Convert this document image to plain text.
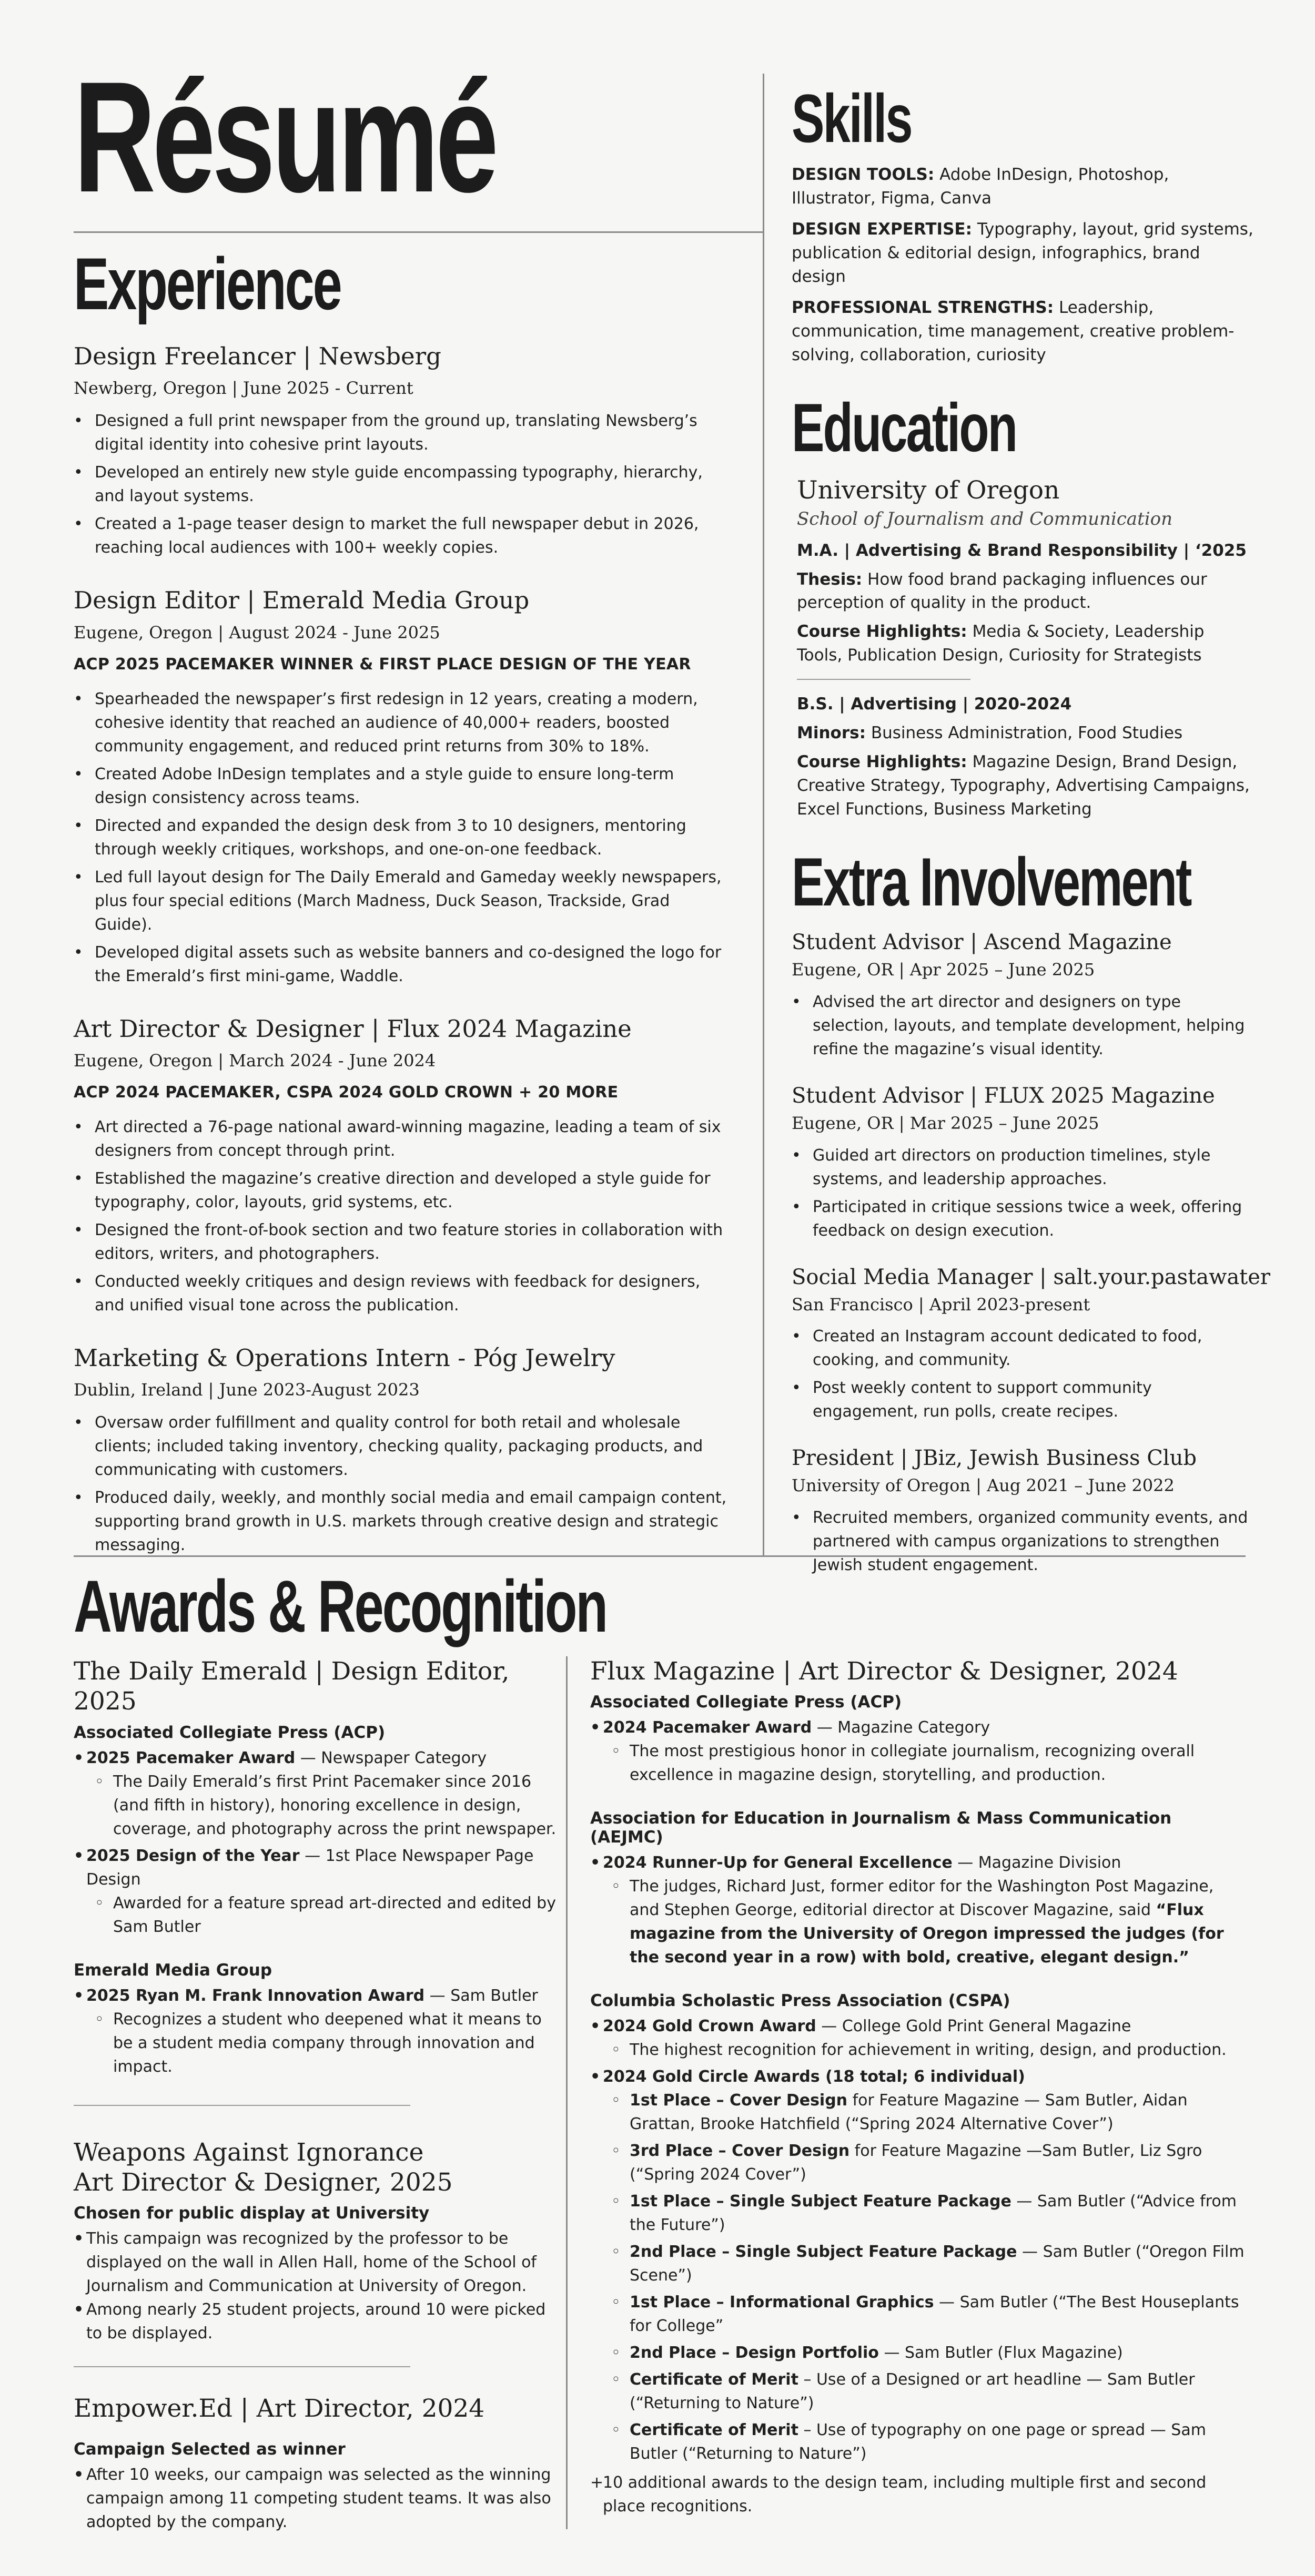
Résumé
Experience
Design Freelancer | Newsberg
Newberg, Oregon | June 2025 - Current
• Designed a full print newspaper from the ground up, translating Newsberg’s digital identity into cohesive print layouts.
• Developed an entirely new style guide encompassing typography, hierarchy, and layout systems.
• Created a 1-page teaser design to market the full newspaper debut in 2026, reaching local audiences with 100+ weekly copies.
Design Editor | Emerald Media Group
Eugene, Oregon | August 2024 - June 2025
ACP 2025 PACEMAKER WINNER & FIRST PLACE DESIGN OF THE YEAR
• Spearheaded the newspaper’s first redesign in 12 years, creating a modern, cohesive identity that reached an audience of 40,000+ readers, boosted community engagement, and reduced print returns from 30% to 18%.
• Created Adobe InDesign templates and a style guide to ensure long-term design consistency across teams.
• Directed and expanded the design desk from 3 to 10 designers, mentoring through weekly critiques, workshops, and one-on-one feedback.
• Led full layout design for The Daily Emerald and Gameday weekly newspapers, plus four special editions (March Madness, Duck Season, Trackside, Grad Guide).
• Developed digital assets such as website banners and co-designed the logo for the Emerald’s first mini-game, Waddle.
Art Director & Designer | Flux 2024 Magazine
Eugene, Oregon | March 2024 - June 2024
ACP 2024 PACEMAKER, CSPA 2024 GOLD CROWN + 20 MORE
• Art directed a 76-page national award-winning magazine, leading a team of six designers from concept through print.
• Established the magazine’s creative direction and developed a style guide for typography, color, layouts, grid systems, etc.
• Designed the front-of-book section and two feature stories in collaboration with editors, writers, and photographers.
• Conducted weekly critiques and design reviews with feedback for designers, and unified visual tone across the publication.
Marketing & Operations Intern - Póg Jewelry
Dublin, Ireland | June 2023-August 2023
• Oversaw order fulfillment and quality control for both retail and wholesale clients; included taking inventory, checking quality, packaging products, and communicating with customers.
• Produced daily, weekly, and monthly social media and email campaign content, supporting brand growth in U.S. markets through creative design and strategic messaging.
Skills

DESIGN TOOLS: Adobe InDesign, Photoshop, Illustrator, Figma, Canva

DESIGN EXPERTISE: Typography, layout, grid systems, publication & editorial design, infographics, brand design

PROFESSIONAL STRENGTHS: Leadership, communication, time management, creative problem-solving, collaboration, curiosity

Education
University of Oregon
School of Journalism and Communication

M.A. | Advertising & Brand Responsibility | ‘2025

Thesis: How food brand packaging influences our perception of quality in the product.

Course Highlights: Media & Society, Leadership Tools, Publication Design, Curiosity for Strategists

B.S. | Advertising | 2020-2024

Minors: Business Administration, Food Studies

Course Highlights: Magazine Design, Brand Design, Creative Strategy, Typography, Advertising Campaigns, Excel Functions, Business Marketing

Extra Involvement
Student Advisor | Ascend Magazine
Eugene, OR | Apr 2025 – June 2025
• Advised the art director and designers on type selection, layouts, and template development, helping refine the magazine’s visual identity.
Student Advisor | FLUX 2025 Magazine
Eugene, OR | Mar 2025 – June 2025
• Guided art directors on production timelines, style systems, and leadership approaches.
• Participated in critique sessions twice a week, offering feedback on design execution.
Social Media Manager | salt.your.pastawater
San Francisco | April 2023-present
• Created an Instagram account dedicated to food, cooking, and community.
• Post weekly content to support community engagement, run polls, create recipes.
President | JBiz, Jewish Business Club
University of Oregon | Aug 2021 – June 2022
• Recruited members, organized community events, and partnered with campus organizations to strengthen Jewish student engagement.
Awards & Recognition
The Daily Emerald | Design Editor, 2025
Associated Collegiate Press (ACP)
• 2025 Pacemaker Award — Newspaper Category
◦ The Daily Emerald’s first Print Pacemaker since 2016 (and fifth in history), honoring excellence in design, coverage, and photography across the print newspaper.
• 2025 Design of the Year — 1st Place Newspaper Page Design
◦ Awarded for a feature spread art-directed and edited by Sam Butler
Emerald Media Group
• 2025 Ryan M. Frank Innovation Award — Sam Butler
◦ Recognizes a student who deepened what it means to be a student media company through innovation and impact.
Weapons Against Ignorance
Art Director & Designer, 2025
Chosen for public display at University
• This campaign was recognized by the professor to be displayed on the wall in Allen Hall, home of the School of Journalism and Communication at University of Oregon.
• Among nearly 25 student projects, around 10 were picked to be displayed.
Empower.Ed | Art Director, 2024
Campaign Selected as winner
• After 10 weeks, our campaign was selected as the winning campaign among 11 competing student teams. It was also adopted by the company.
Flux Magazine | Art Director & Designer, 2024
Associated Collegiate Press (ACP)
• 2024 Pacemaker Award — Magazine Category
◦ The most prestigious honor in collegiate journalism, recognizing overall excellence in magazine design, storytelling, and production.
Association for Education in Journalism & Mass Communication (AEJMC)
• 2024 Runner-Up for General Excellence — Magazine Division
◦ The judges, Richard Just, former editor for the Washington Post Magazine, and Stephen George, editorial director at Discover Magazine, said “Flux magazine from the University of Oregon impressed the judges (for the second year in a row) with bold, creative, elegant design.”
Columbia Scholastic Press Association (CSPA)
• 2024 Gold Crown Award — College Gold Print General Magazine
◦ The highest recognition for achievement in writing, design, and production.
• 2024 Gold Circle Awards (18 total; 6 individual)
◦ 1st Place – Cover Design for Feature Magazine — Sam Butler, Aidan Grattan, Brooke Hatchfield (“Spring 2024 Alternative Cover”)
◦ 3rd Place – Cover Design for Feature Magazine —Sam Butler, Liz Sgro (“Spring 2024 Cover”)
◦ 1st Place – Single Subject Feature Package — Sam Butler (“Advice from the Future”)
◦ 2nd Place – Single Subject Feature Package — Sam Butler (“Oregon Film Scene”)
◦ 1st Place – Informational Graphics — Sam Butler (“The Best Houseplants for College”
◦ 2nd Place – Design Portfolio — Sam Butler (Flux Magazine)
◦ Certificate of Merit – Use of a Designed or art headline — Sam Butler (“Returning to Nature”)
◦ Certificate of Merit – Use of typography on one page or spread — Sam Butler (“Returning to Nature”)
+ 10 additional awards to the design team, including multiple first and second place recognitions.
